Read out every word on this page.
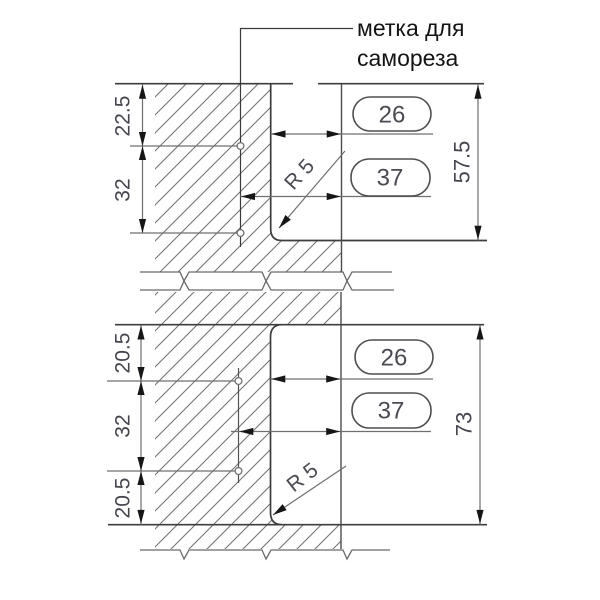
22.5
32
26
37
R 5	57.5
метка для
самореза
20.5
32
20.5
26
37
R 5
73
